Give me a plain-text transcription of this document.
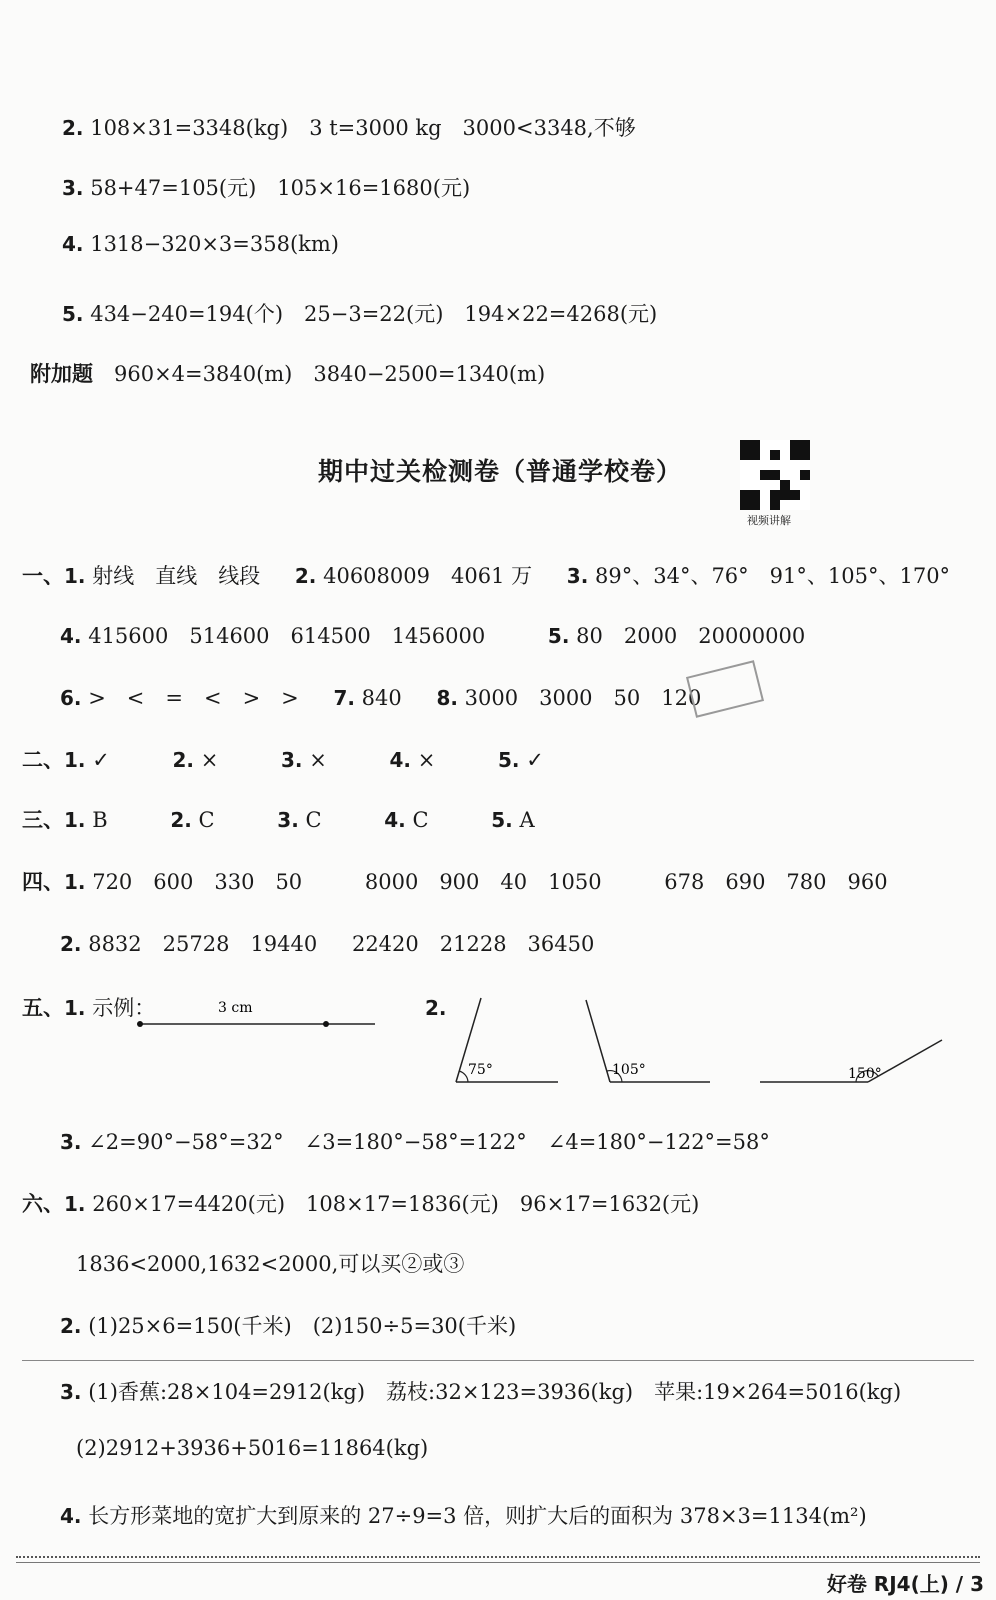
2. 108×31=3348(kg)　3 t=3000 kg　3000<3348,不够
3. 58+47=105(元)　105×16=1680(元)
4. 1318−320×3=358(km)
5. 434−240=194(个)　25−3=22(元)　194×22=4268(元)
附加题　 960×4=3840(m)　3840−2500=1340(m)
期中过关检测卷（普通学校卷）
视频讲解
一、1. 射线　直线　线段 2. 40608009　4061 万 3. 89°、34°、76°　91°、105°、170°
4. 415600　514600　614500　1456000	5. 80　2000　20000000
6. >　<　=　<　>　> 7. 840 8. 3000　3000　50　120
二、1. ✓	2. ×	3. ×	4. ×	5. ✓
三、1. B	2. C	3. C	4. C	5. A
四、1. 720　600　330　50	8000　900　40　1050	678　690　780　960
2. 8832　25728　19440 22420　21228　36450
五、1. 示例：	2.
3 cm
75°	105°	150°
3. ∠2=90°−58°=32°　∠3=180°−58°=122°　∠4=180°−122°=58°
六、1. 260×17=4420(元)　108×17=1836(元)　96×17=1632(元)
1836<2000,1632<2000,可以买②或③
2. (1)25×6=150(千米)　(2)150÷5=30(千米)
3. (1)香蕉:28×104=2912(kg)　荔枝:32×123=3936(kg)　苹果:19×264=5016(kg)
(2)2912+3936+5016=11864(kg)
4. 长方形菜地的宽扩大到原来的 27÷9=3 倍，则扩大后的面积为 378×3=1134(m²)
好卷 RJ4(上) / 3
